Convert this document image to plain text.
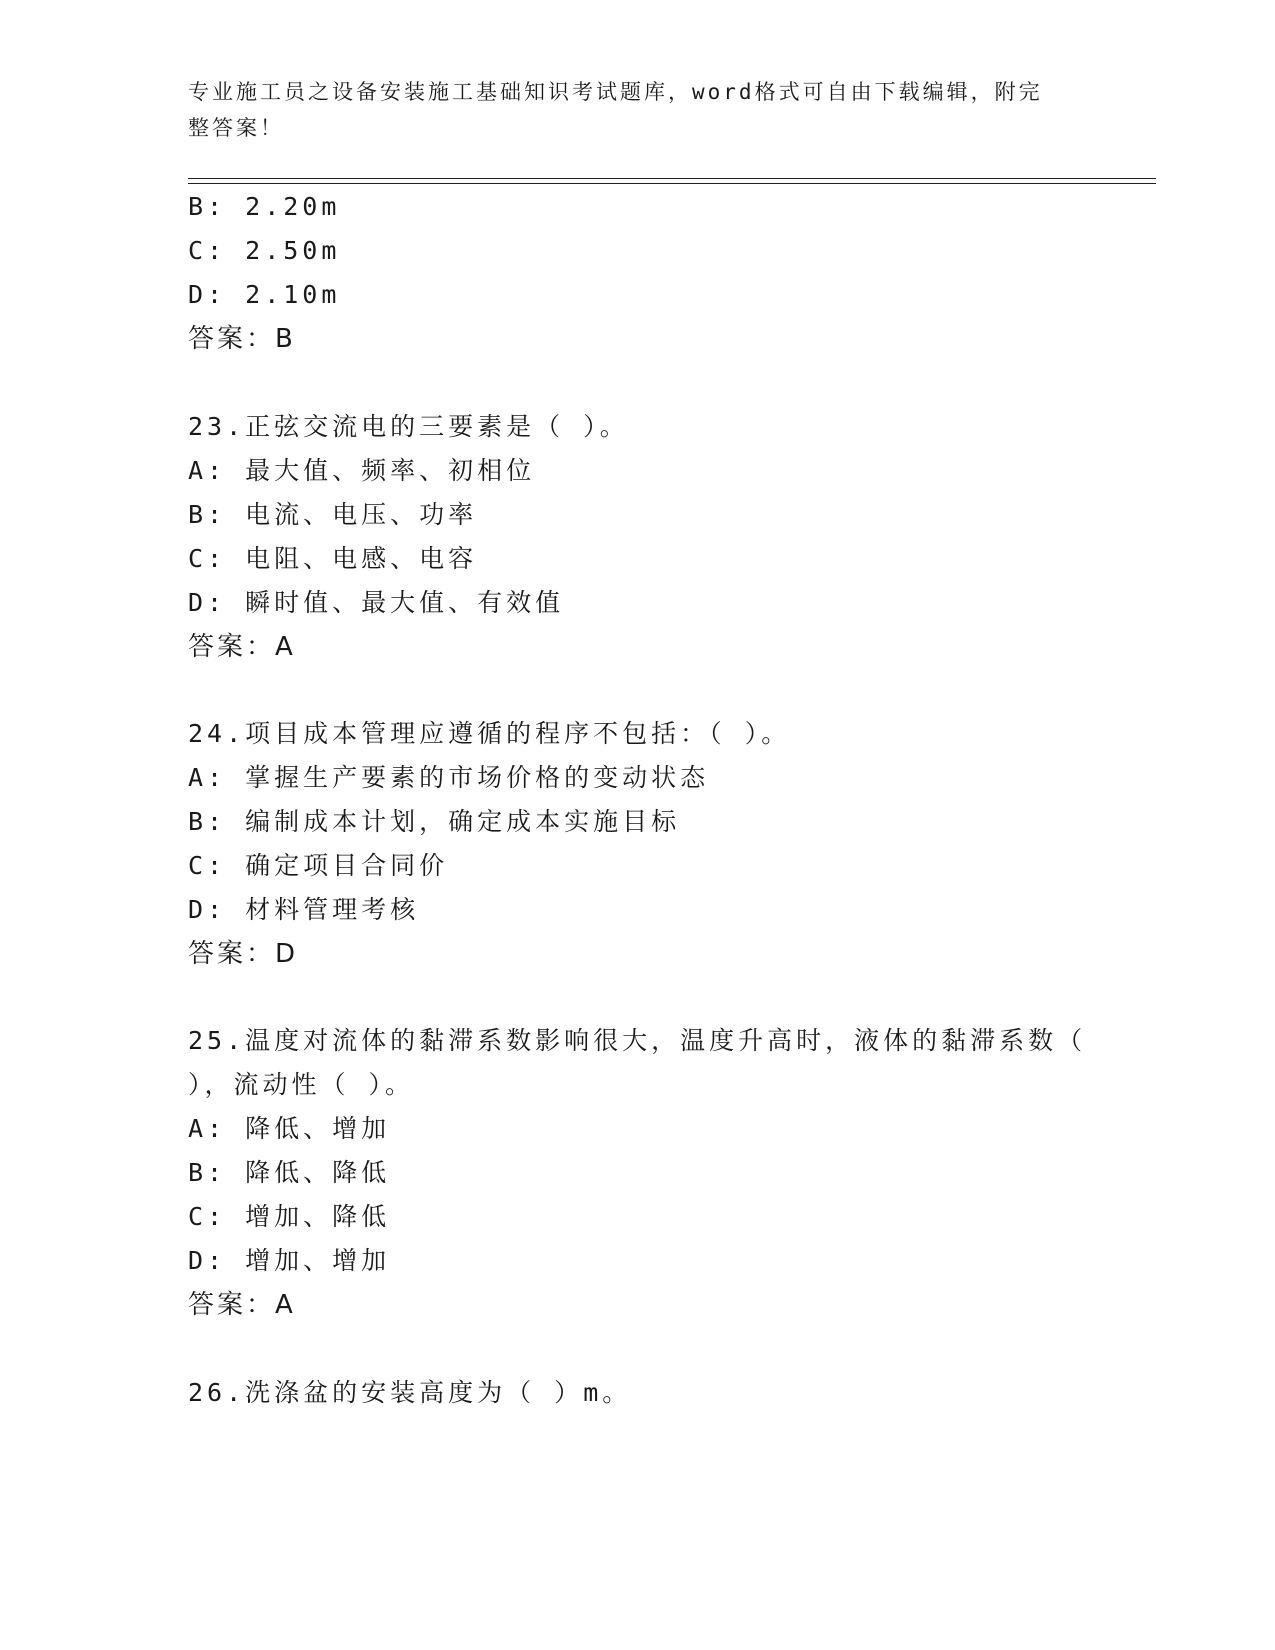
专业施工员之设备安装施工基础知识考试题库，word格式可自由下载编辑，附完
整答案！
B: 2.20m
C: 2.50m
D: 2.10m
答案：B
23.正弦交流电的三要素是（ ）。
A: 最大值、频率、初相位
B: 电流、电压、功率
C: 电阻、电感、电容
D: 瞬时值、最大值、有效值
答案：A
24.项目成本管理应遵循的程序不包括：（ ）。
A: 掌握生产要素的市场价格的变动状态
B: 编制成本计划，确定成本实施目标
C: 确定项目合同价
D: 材料管理考核
答案：D
25.温度对流体的黏滞系数影响很大，温度升高时，液体的黏滞系数（
），流动性（ ）。
A: 降低、增加
B: 降低、降低
C: 增加、降低
D: 增加、增加
答案：A
26.洗涤盆的安装高度为（ ）m。
